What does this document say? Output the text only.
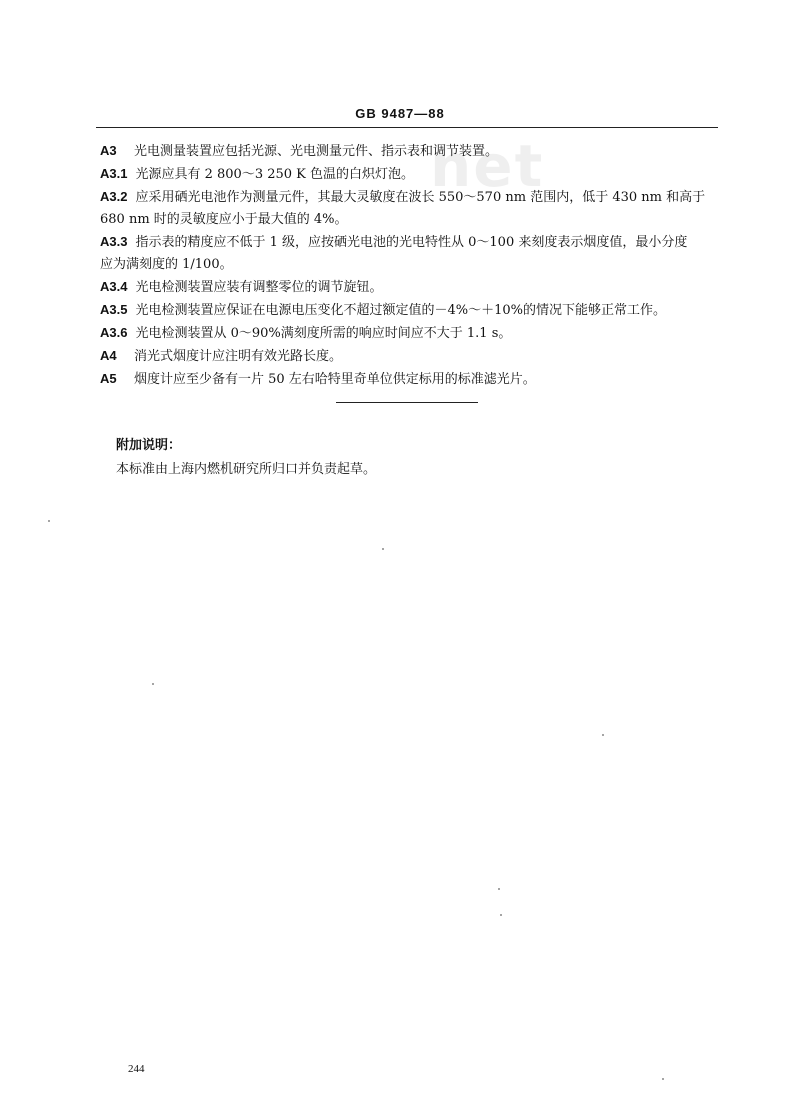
GB 9487—88
net

A3 光电测量装置应包括光源、光电测量元件、指示表和调节装置。

A3.1 光源应具有 2 800～3 250 K 色温的白炽灯泡。

A3.2 应采用硒光电池作为测量元件，其最大灵敏度在波长 550～570 nm 范围内，低于 430 nm 和高于

680 nm 时的灵敏度应小于最大值的 4%。

A3.3 指示表的精度应不低于 1 级，应按硒光电池的光电特性从 0～100 来刻度表示烟度值，最小分度

应为满刻度的 1/100。

A3.4 光电检测装置应装有调整零位的调节旋钮。

A3.5 光电检测装置应保证在电源电压变化不超过额定值的－4%～＋10%的情况下能够正常工作。

A3.6 光电检测装置从 0～90%满刻度所需的响应时间应不大于 1.1 s。

A4 消光式烟度计应注明有效光路长度。

A5 烟度计应至少备有一片 50 左右哈特里奇单位供定标用的标准滤光片。

附加说明：
本标准由上海内燃机研究所归口并负责起草。
244
